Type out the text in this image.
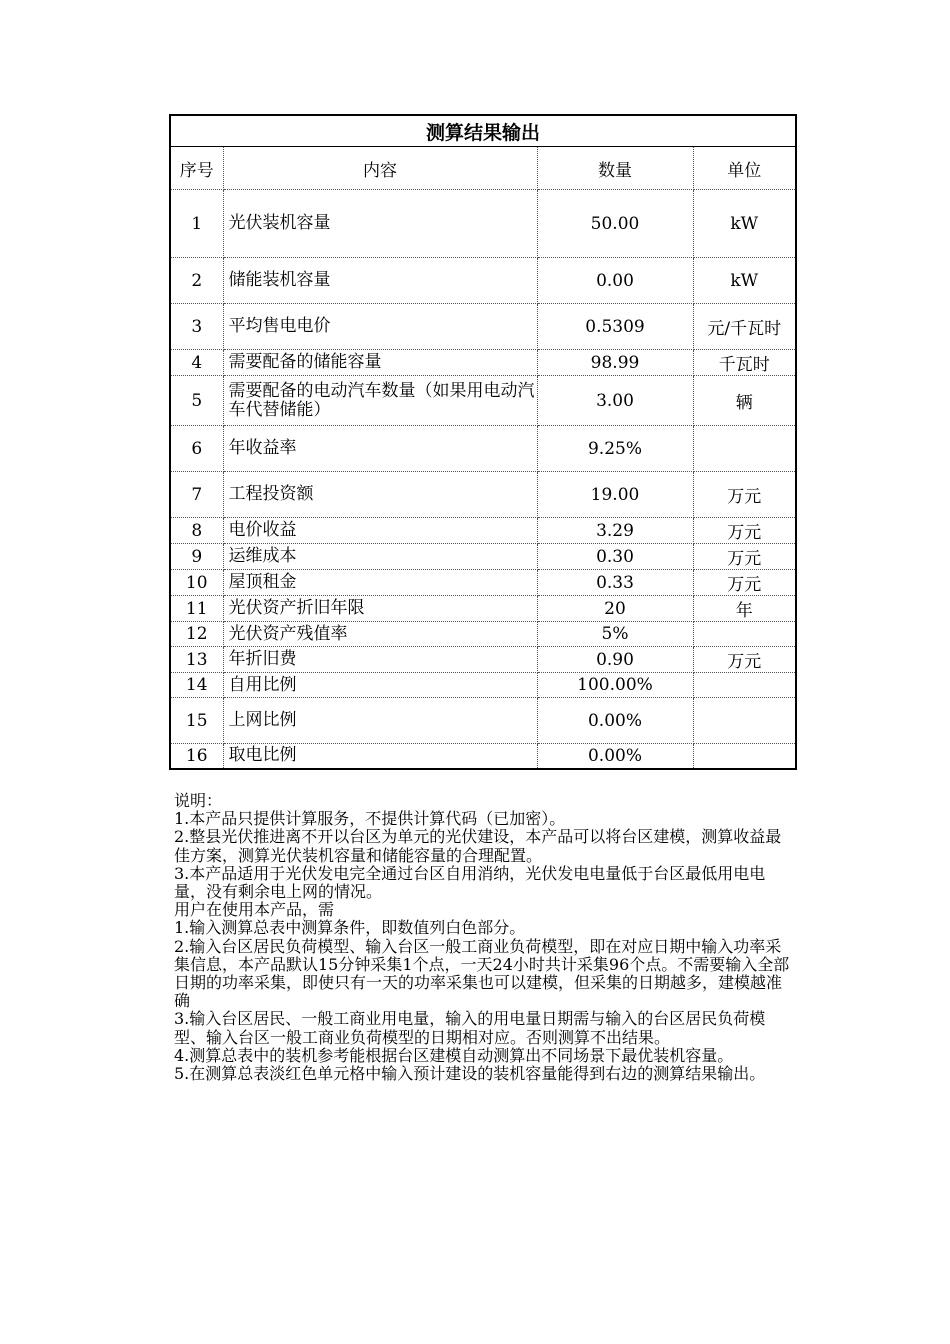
测算结果输出			
序号	内容	数量	单位
1	光伏装机容量	50.00	kW
2	储能装机容量	0.00	kW
3	平均售电电价	0.5309	元/千瓦时
4	需要配备的储能容量	98.99	千瓦时
5	需要配备的电动汽车数量（如果用电动汽车代替储能）	3.00	辆
6	年收益率	9.25%	
7	工程投资额	19.00	万元
8	电价收益	3.29	万元
9	运维成本	0.30	万元
10	屋顶租金	0.33	万元
11	光伏资产折旧年限	20	年
12	光伏资产残值率	5%	
13	年折旧费	0.90	万元
14	自用比例	100.00%	
15	上网比例	0.00%	
16	取电比例	0.00%	

说明：

1.本产品只提供计算服务，不提供计算代码（已加密）。

2.整县光伏推进离不开以台区为单元的光伏建设，本产品可以将台区建模，测算收益最佳方案，测算光伏装机容量和储能容量的合理配置。

3.本产品适用于光伏发电完全通过台区自用消纳，光伏发电电量低于台区最低用电电量，没有剩余电上网的情况。

用户在使用本产品，需

1.输入测算总表中测算条件，即数值列白色部分。

2.输入台区居民负荷模型、输入台区一般工商业负荷模型，即在对应日期中输入功率采集信息，本产品默认15分钟采集1个点，一天24小时共计采集96个点。不需要输入全部日期的功率采集，即使只有一天的功率采集也可以建模，但采集的日期越多，建模越准确

3.输入台区居民、一般工商业用电量，输入的用电量日期需与输入的台区居民负荷模型、输入台区一般工商业负荷模型的日期相对应。否则测算不出结果。

4.测算总表中的装机参考能根据台区建模自动测算出不同场景下最优装机容量。

5.在测算总表淡红色单元格中输入预计建设的装机容量能得到右边的测算结果输出。
